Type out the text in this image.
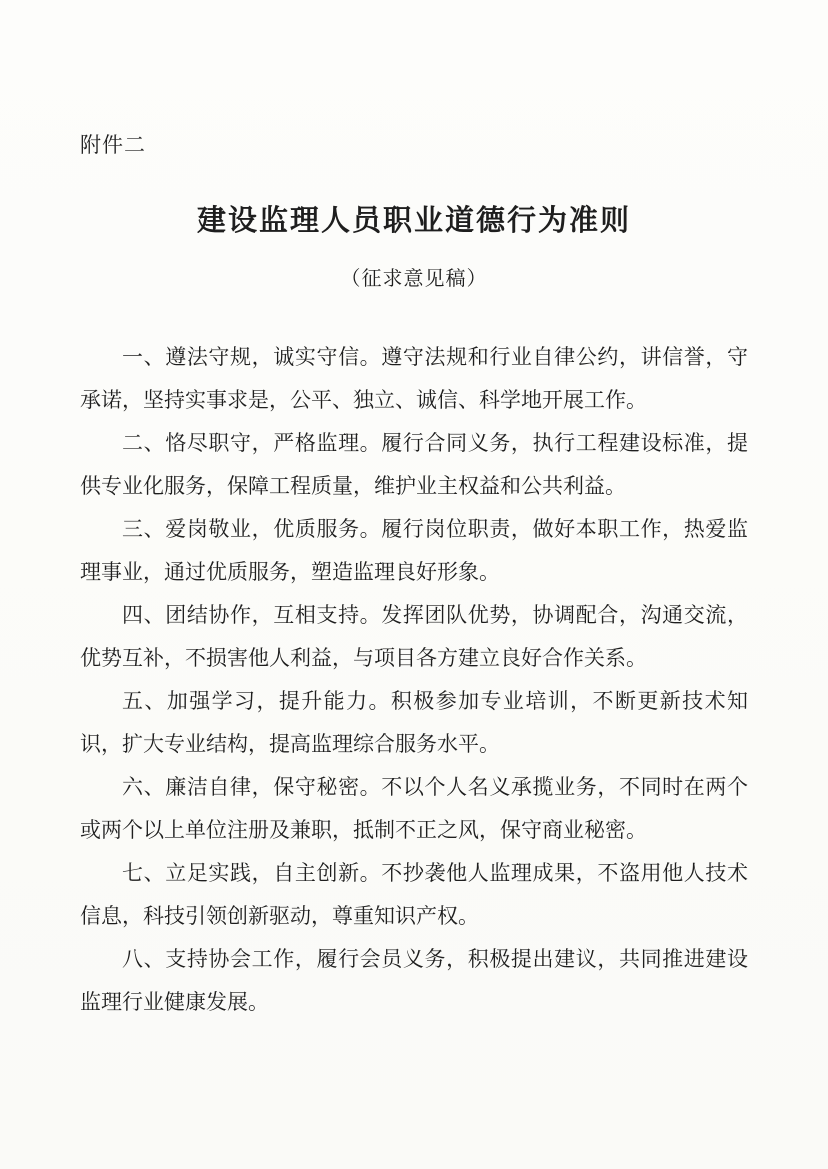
附件二
建设监理人员职业道德行为准则
（征求意见稿）

一、遵法守规，诚实守信。遵守法规和行业自律公约，讲信誉，守承诺，坚持实事求是，公平、独立、诚信、科学地开展工作。

二、恪尽职守，严格监理。履行合同义务，执行工程建设标准，提供专业化服务，保障工程质量，维护业主权益和公共利益。

三、爱岗敬业，优质服务。履行岗位职责，做好本职工作，热爱监理事业，通过优质服务，塑造监理良好形象。

四、团结协作，互相支持。发挥团队优势，协调配合，沟通交流，优势互补，不损害他人利益，与项目各方建立良好合作关系。

五、加强学习，提升能力。积极参加专业培训，不断更新技术知识，扩大专业结构，提高监理综合服务水平。

六、廉洁自律，保守秘密。不以个人名义承揽业务，不同时在两个或两个以上单位注册及兼职，抵制不正之风，保守商业秘密。

七、立足实践，自主创新。不抄袭他人监理成果，不盗用他人技术信息，科技引领创新驱动，尊重知识产权。

八、支持协会工作，履行会员义务，积极提出建议，共同推进建设监理行业健康发展。
